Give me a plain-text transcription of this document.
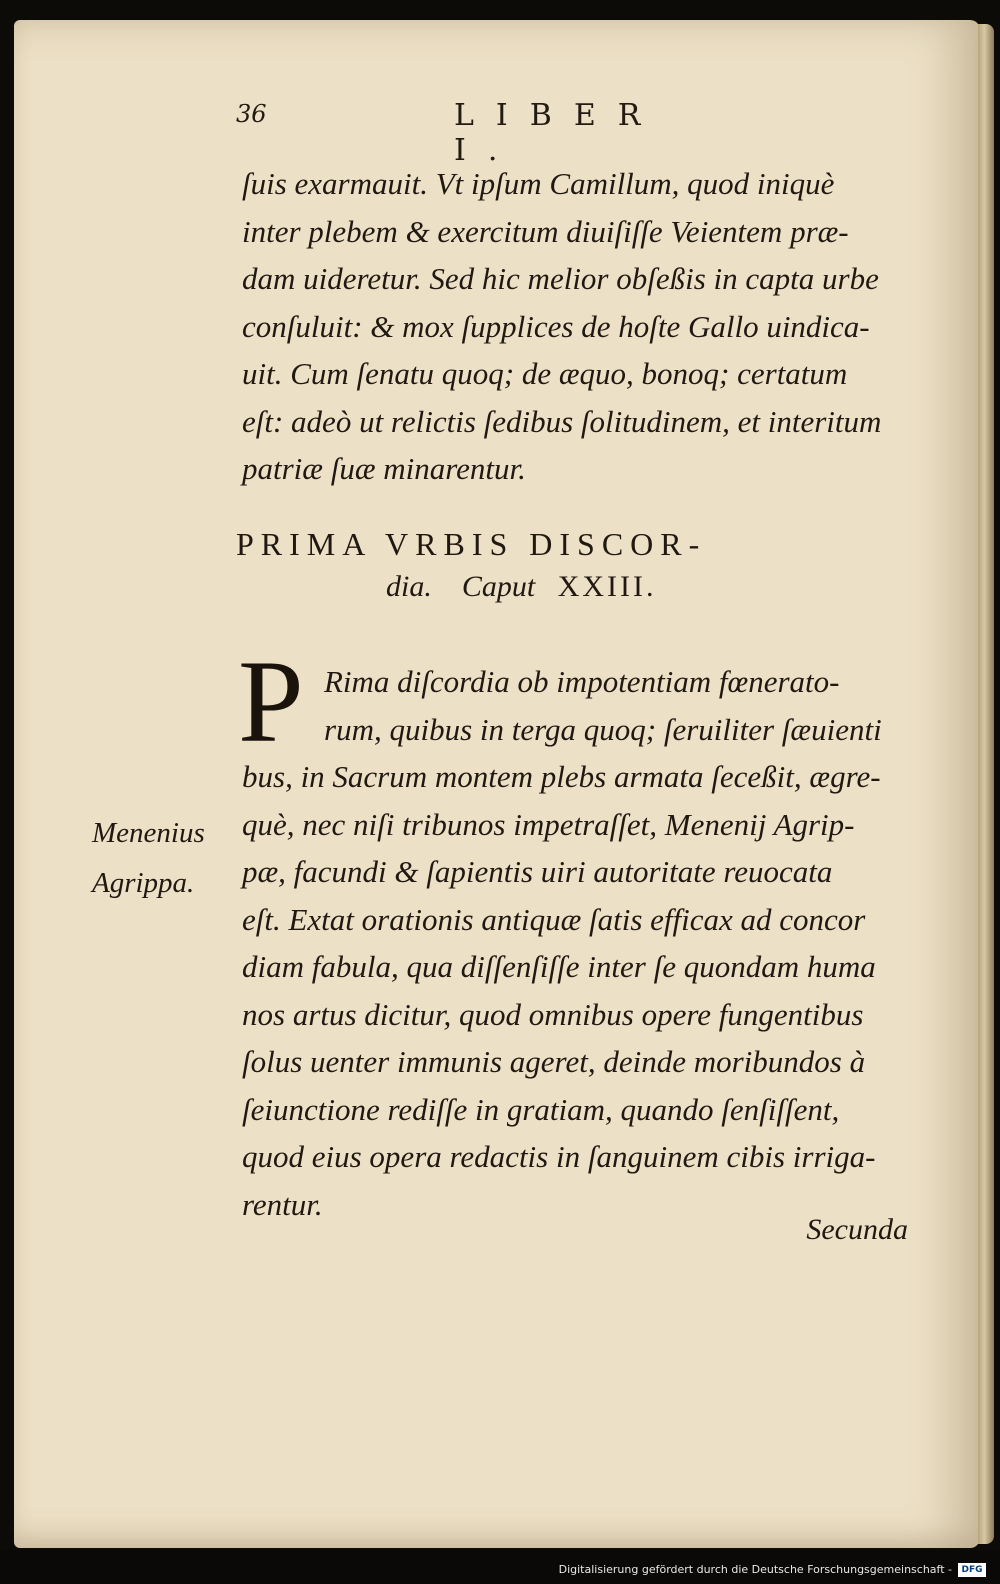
36	LIBER I.
ſuis exarmauit. Vt ipſum Camillum, quod iniquè
inter plebem & exercitum diuiſiſſe Veientem præ-
dam uideretur. Sed hic melior obſeßis in capta urbe
conſuluit: & mox ſupplices de hoſte Gallo uindica-
uit. Cum ſenatu quoq; de æquo, bonoq; certatum
eſt: adeò ut relictis ſedibus ſolitudinem, et interitum
patriæ ſuæ minarentur.
PRIMA VRBIS DISCOR-
dia. Caput XXIII.
P Rima diſcordia ob impotentiam fœnerato-
rum, quibus in terga quoq; ſeruiliter ſæuienti
bus, in Sacrum montem plebs armata ſeceßit, ægre-
què, nec niſi tribunos impetraſſet, Menenij Agrip-
pæ, facundi & ſapientis uiri autoritate reuocata
eſt. Extat orationis antiquæ ſatis efficax ad concor
diam fabula, qua diſſenſiſſe inter ſe quondam huma
nos artus dicitur, quod omnibus opere fungentibus
ſolus uenter immunis ageret, deinde moribundos à
ſeiunctione rediſſe in gratiam, quando ſenſiſſent,
quod eius opera redactis in ſanguinem cibis irriga-
rentur.
Menenius
Agrippa.
Secunda
Digitalisierung gefördert durch die Deutsche Forschungsgemeinschaft -	DFG
